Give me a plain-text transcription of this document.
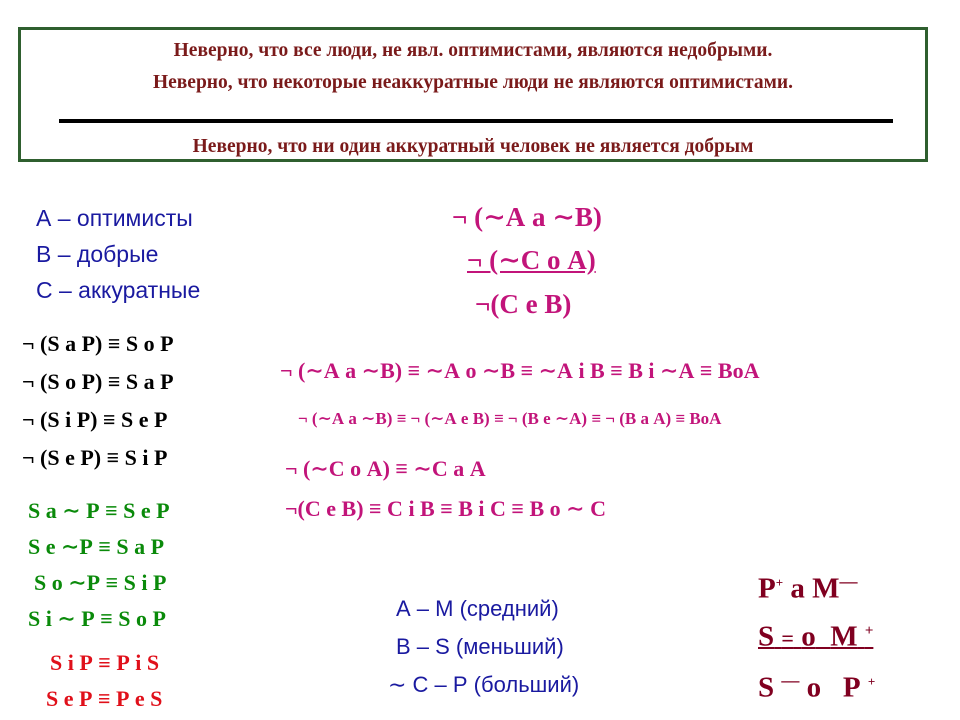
Неверно, что все люди, не явл. оптимистами, являются недобрыми.
Неверно, что некоторые неаккуратные люди не являются оптимистами.
Неверно, что ни один аккуратный человек не является добрым
А – оптимисты
В – добрые
С – аккуратные
¬ (∼А а ∼В)
¬ (∼С о А)
¬(С е В)
¬ (S а Р) ≡ S о Р
¬ (S о Р) ≡ S а Р
¬ (S і Р) ≡ S е Р
¬ (S е Р) ≡ S і Р
S а ∼ Р ≡ S е Р
S е ∼Р ≡ S а Р
S о ∼Р ≡ S і Р
S і ∼ Р ≡ S о Р
S і Р ≡ Р і S
S е Р ≡ Р е S
¬ (∼А а ∼В) ≡ ∼А о ∼В ≡ ∼А і В ≡ В і ∼А ≡ ВоА
¬ (∼А а ∼В) ≡ ¬ (∼А е В) ≡ ¬ (В е ∼А) ≡ ¬ (В а А) ≡ ВоА
¬ (∼С о А) ≡ ∼С а А
¬(С е В) ≡ С і В ≡ В і С ≡ В о ∼ С
А – М (средний)
В – S (меньший)
∼ С – Р (больший)
Р+ а М—
S = о М +
S — о Р +
